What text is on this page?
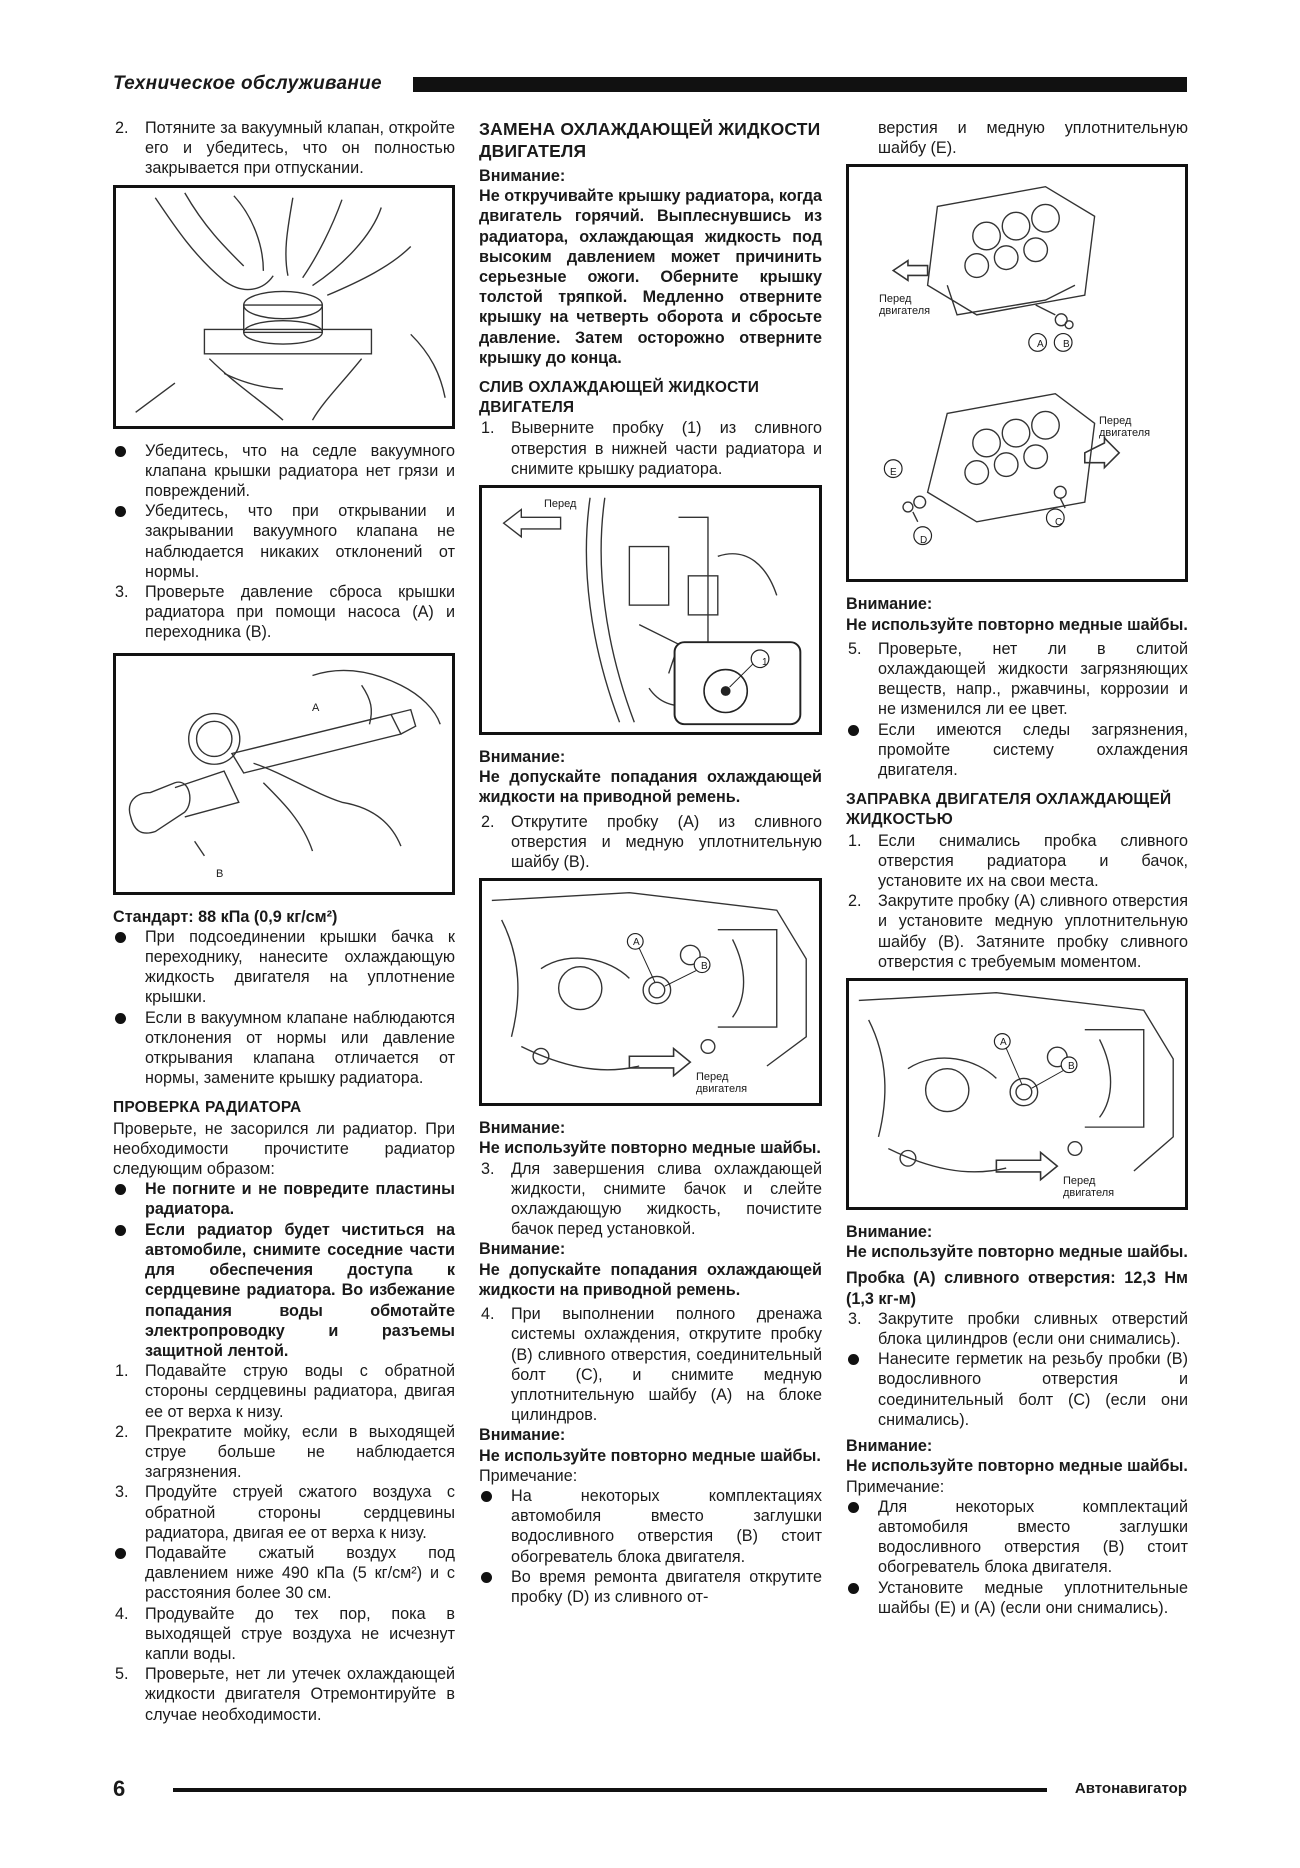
Техническое обслуживание
2. Потяните за вакуумный клапан, откройте его и убедитесь, что он полностью закрывается при отпускании.
Убедитесь, что на седле вакуумного клапана крышки радиатора нет грязи и повреждений.
Убедитесь, что при открывании и закрывании вакуумного клапана не наблюдается никаких отклонений от нормы.
3. Проверьте давление сброса крышки радиатора при помощи насоса (А) и переходника (В).
A
B

Стандарт: 88 кПа (0,9 кг/см²)

При подсоединении крышки бачка к переходнику, нанесите охлаждающую жидкость двигателя на уплотнение крышки.
Если в вакуумном клапане наблюдаются отклонения от нормы или давление открывания клапана отличается от нормы, замените крышку радиатора.

ПРОВЕРКА РАДИАТОРА

Проверьте, не засорился ли радиатор. При необходимости прочистите радиатор следующим образом:

Не погните и не повредите пластины радиатора.
Если радиатор будет чиститься на автомобиле, снимите соседние части для обеспечения доступа к сердцевине радиатора. Во избежание попадания воды обмотайте электропроводку и разъемы защитной лентой.
1. Подавайте струю воды с обратной стороны сердцевины радиатора, двигая ее от верха к низу.
2. Прекратите мойку, если в выходящей струе больше не наблюдается загрязнения.
3. Продуйте струей сжатого воздуха с обратной стороны сердцевины радиатора, двигая ее от верха к низу.
Подавайте сжатый воздух под давлением ниже 490 кПа (5 кг/см²) и с расстояния более 30 см.
4. Продувайте до тех пор, пока в выходящей струе воздуха не исчезнут капли воды.
5. Проверьте, нет ли утечек охлаждающей жидкости двигателя Отремонтируйте в случае необходимости.

ЗАМЕНА ОХЛАЖДАЮЩЕЙ ЖИДКОСТИ ДВИГАТЕЛЯ

Внимание:

Не откручивайте крышку радиатора, когда двигатель горячий. Выплеснувшись из радиатора, охлаждающая жидкость под высоким давлением может причинить серьезные ожоги. Оберните крышку толстой тряпкой. Медленно отверните крышку на четверть оборота и сбросьте давление. Затем осторожно отверните крышку до конца.

СЛИВ ОХЛАЖДАЮЩЕЙ ЖИДКОСТИ ДВИГАТЕЛЯ

1. Выверните пробку (1) из сливного отверстия в нижней части радиатора и снимите крышку радиатора.
Перед
1

Внимание:

Не допускайте попадания охлаждающей жидкости на приводной ремень.

2. Открутите пробку (А) из сливного отверстия и медную уплотнительную шайбу (В).
A
B
Перед двигателя

Внимание:

Не используйте повторно медные шайбы.

3. Для завершения слива охлаждающей жидкости, снимите бачок и слейте охлаждающую жидкость, почистите бачок перед установкой.

Внимание:

Не допускайте попадания охлаждающей жидкости на приводной ремень.

4. При выполнении полного дренажа системы охлаждения, открутите пробку (В) сливного отверстия, соединительный болт (С), и снимите медную уплотнительную шайбу (А) на блоке цилиндров.

Внимание:

Не используйте повторно медные шайбы.

Примечание:

На некоторых комплектациях автомобиля вместо заглушки водосливного отверстия (В) стоит обогреватель блока двигателя.
Во время ремонта двигателя открутите пробку (D) из сливного от-

верстия и медную уплотнительную шайбу (Е).

Перед двигателя
Перед двигателя
A B
C
D
E

Внимание:

Не используйте повторно медные шайбы.

5. Проверьте, нет ли в слитой охлаждающей жидкости загрязняющих веществ, напр., ржавчины, коррозии и не изменился ли ее цвет.
Если имеются следы загрязнения, промойте систему охлаждения двигателя.

ЗАПРАВКА ДВИГАТЕЛЯ ОХЛАЖДАЮЩЕЙ ЖИДКОСТЬЮ

1. Если снимались пробка сливного отверстия радиатора и бачок, установите их на свои места.
2. Закрутите пробку (А) сливного отверстия и установите медную уплотнительную шайбу (В). Затяните пробку сливного отверстия с требуемым моментом.
A
B
Перед двигателя

Внимание:

Не используйте повторно медные шайбы.

Пробка (А) сливного отверстия: 12,3 Нм (1,3 кг-м)

3. Закрутите пробки сливных отверстий блока цилиндров (если они снимались).
Нанесите герметик на резьбу пробки (В) водосливного отверстия и соединительный болт (С) (если они снимались).

Внимание:

Не используйте повторно медные шайбы.

Примечание:

Для некоторых комплектаций автомобиля вместо заглушки водосливного отверстия (В) стоит обогреватель блока двигателя.
Установите медные уплотнительные шайбы (Е) и (А) (если они снимались).
6	Автонавигатор
